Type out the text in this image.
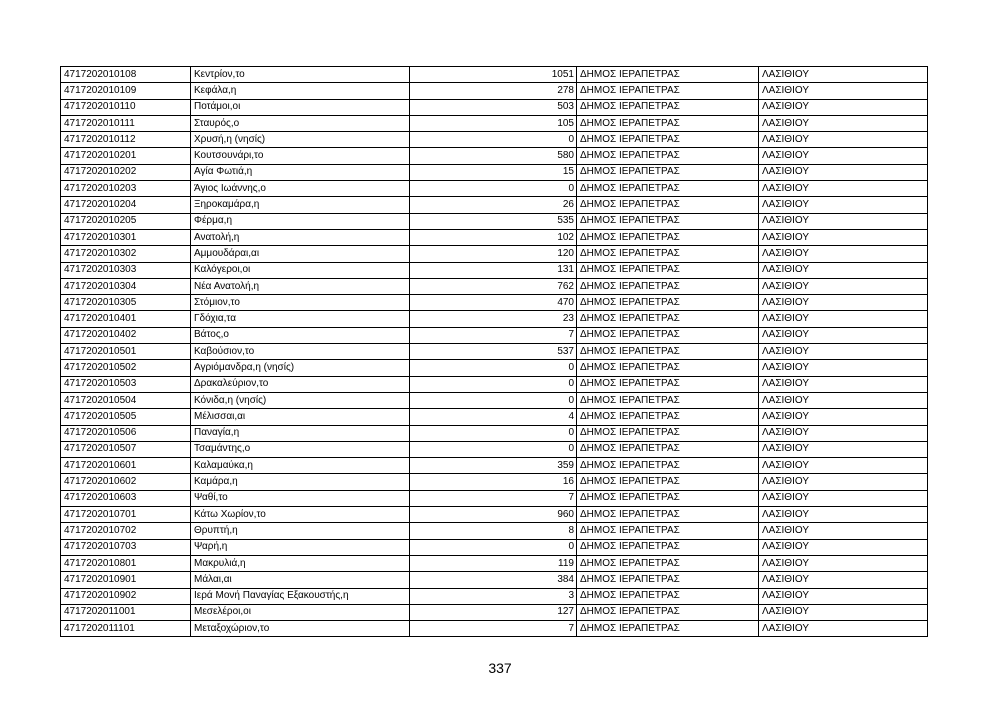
4717202010108	Κεντρίον,το	1051	ΔΗΜΟΣ ΙΕΡΑΠΕΤΡΑΣ	ΛΑΣΙΘΙΟΥ
4717202010109	Κεφάλα,η	278	ΔΗΜΟΣ ΙΕΡΑΠΕΤΡΑΣ	ΛΑΣΙΘΙΟΥ
4717202010110	Ποτάμοι,οι	503	ΔΗΜΟΣ ΙΕΡΑΠΕΤΡΑΣ	ΛΑΣΙΘΙΟΥ
4717202010111	Σταυρός,ο	105	ΔΗΜΟΣ ΙΕΡΑΠΕΤΡΑΣ	ΛΑΣΙΘΙΟΥ
4717202010112	Χρυσή,η (νησίς)	0	ΔΗΜΟΣ ΙΕΡΑΠΕΤΡΑΣ	ΛΑΣΙΘΙΟΥ
4717202010201	Κουτσουνάρι,το	580	ΔΗΜΟΣ ΙΕΡΑΠΕΤΡΑΣ	ΛΑΣΙΘΙΟΥ
4717202010202	Αγία Φωτιά,η	15	ΔΗΜΟΣ ΙΕΡΑΠΕΤΡΑΣ	ΛΑΣΙΘΙΟΥ
4717202010203	Άγιος Ιωάννης,ο	0	ΔΗΜΟΣ ΙΕΡΑΠΕΤΡΑΣ	ΛΑΣΙΘΙΟΥ
4717202010204	Ξηροκαμάρα,η	26	ΔΗΜΟΣ ΙΕΡΑΠΕΤΡΑΣ	ΛΑΣΙΘΙΟΥ
4717202010205	Φέρμα,η	535	ΔΗΜΟΣ ΙΕΡΑΠΕΤΡΑΣ	ΛΑΣΙΘΙΟΥ
4717202010301	Ανατολή,η	102	ΔΗΜΟΣ ΙΕΡΑΠΕΤΡΑΣ	ΛΑΣΙΘΙΟΥ
4717202010302	Αμμουδάραι,αι	120	ΔΗΜΟΣ ΙΕΡΑΠΕΤΡΑΣ	ΛΑΣΙΘΙΟΥ
4717202010303	Καλόγεροι,οι	131	ΔΗΜΟΣ ΙΕΡΑΠΕΤΡΑΣ	ΛΑΣΙΘΙΟΥ
4717202010304	Νέα Ανατολή,η	762	ΔΗΜΟΣ ΙΕΡΑΠΕΤΡΑΣ	ΛΑΣΙΘΙΟΥ
4717202010305	Στόμιον,το	470	ΔΗΜΟΣ ΙΕΡΑΠΕΤΡΑΣ	ΛΑΣΙΘΙΟΥ
4717202010401	Γδόχια,τα	23	ΔΗΜΟΣ ΙΕΡΑΠΕΤΡΑΣ	ΛΑΣΙΘΙΟΥ
4717202010402	Βάτος,ο	7	ΔΗΜΟΣ ΙΕΡΑΠΕΤΡΑΣ	ΛΑΣΙΘΙΟΥ
4717202010501	Καβούσιον,το	537	ΔΗΜΟΣ ΙΕΡΑΠΕΤΡΑΣ	ΛΑΣΙΘΙΟΥ
4717202010502	Αγριόμανδρα,η (νησίς)	0	ΔΗΜΟΣ ΙΕΡΑΠΕΤΡΑΣ	ΛΑΣΙΘΙΟΥ
4717202010503	Δρακαλεύριον,το	0	ΔΗΜΟΣ ΙΕΡΑΠΕΤΡΑΣ	ΛΑΣΙΘΙΟΥ
4717202010504	Κόνιδα,η (νησίς)	0	ΔΗΜΟΣ ΙΕΡΑΠΕΤΡΑΣ	ΛΑΣΙΘΙΟΥ
4717202010505	Μέλισσαι,αι	4	ΔΗΜΟΣ ΙΕΡΑΠΕΤΡΑΣ	ΛΑΣΙΘΙΟΥ
4717202010506	Παναγία,η	0	ΔΗΜΟΣ ΙΕΡΑΠΕΤΡΑΣ	ΛΑΣΙΘΙΟΥ
4717202010507	Τσαμάντης,ο	0	ΔΗΜΟΣ ΙΕΡΑΠΕΤΡΑΣ	ΛΑΣΙΘΙΟΥ
4717202010601	Καλαμαύκα,η	359	ΔΗΜΟΣ ΙΕΡΑΠΕΤΡΑΣ	ΛΑΣΙΘΙΟΥ
4717202010602	Καμάρα,η	16	ΔΗΜΟΣ ΙΕΡΑΠΕΤΡΑΣ	ΛΑΣΙΘΙΟΥ
4717202010603	Ψαθί,το	7	ΔΗΜΟΣ ΙΕΡΑΠΕΤΡΑΣ	ΛΑΣΙΘΙΟΥ
4717202010701	Κάτω Χωρίον,το	960	ΔΗΜΟΣ ΙΕΡΑΠΕΤΡΑΣ	ΛΑΣΙΘΙΟΥ
4717202010702	Θρυπτή,η	8	ΔΗΜΟΣ ΙΕΡΑΠΕΤΡΑΣ	ΛΑΣΙΘΙΟΥ
4717202010703	Ψαρή,η	0	ΔΗΜΟΣ ΙΕΡΑΠΕΤΡΑΣ	ΛΑΣΙΘΙΟΥ
4717202010801	Μακρυλιά,η	119	ΔΗΜΟΣ ΙΕΡΑΠΕΤΡΑΣ	ΛΑΣΙΘΙΟΥ
4717202010901	Μάλαι,αι	384	ΔΗΜΟΣ ΙΕΡΑΠΕΤΡΑΣ	ΛΑΣΙΘΙΟΥ
4717202010902	Ιερά Μονή Παναγίας Εξακουστής,η	3	ΔΗΜΟΣ ΙΕΡΑΠΕΤΡΑΣ	ΛΑΣΙΘΙΟΥ
4717202011001	Μεσελέροι,οι	127	ΔΗΜΟΣ ΙΕΡΑΠΕΤΡΑΣ	ΛΑΣΙΘΙΟΥ
4717202011101	Μεταξοχώριον,το	7	ΔΗΜΟΣ ΙΕΡΑΠΕΤΡΑΣ	ΛΑΣΙΘΙΟΥ
337
